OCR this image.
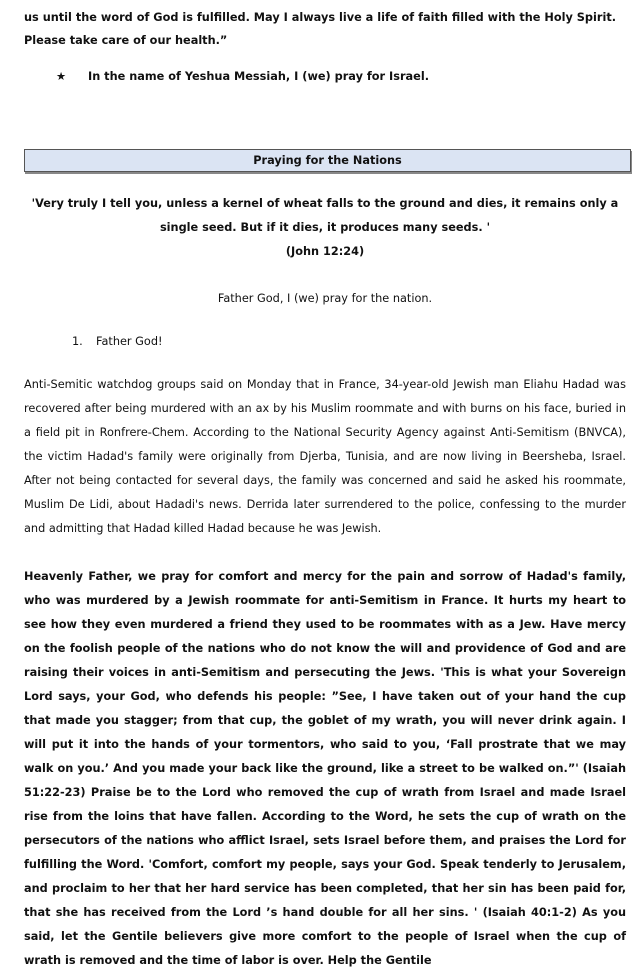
us until the word of God is fulfilled. May I always live a life of faith filled with the Holy Spirit. Please take care of our health.”

★ In the name of Yeshua Messiah, I (we) pray for Israel.

Praying for the Nations

'Very truly I tell you, unless a kernel of wheat falls to the ground and dies, it remains only a single seed. But if it dies, it produces many seeds. '

(John 12:24)

Father God, I (we) pray for the nation.

1. Father God!

Anti-Semitic watchdog groups said on Monday that in France, 34-year-old Jewish man Eliahu Hadad was recovered after being murdered with an ax by his Muslim roommate and with burns on his face, buried in a field pit in Ronfrere-Chem. According to the National Security Agency against Anti-Semitism (BNVCA), the victim Hadad's family were originally from Djerba, Tunisia, and are now living in Beersheba, Israel. After not being contacted for several days, the family was concerned and said he asked his roommate, Muslim De Lidi, about Hadadi's news. Derrida later surrendered to the police, confessing to the murder and admitting that Hadad killed Hadad because he was Jewish.

Heavenly Father, we pray for comfort and mercy for the pain and sorrow of Hadad's family, who was murdered by a Jewish roommate for anti-Semitism in France. It hurts my heart to see how they even murdered a friend they used to be roommates with as a Jew. Have mercy on the foolish people of the nations who do not know the will and providence of God and are raising their voices in anti-Semitism and persecuting the Jews. 'This is what your Sovereign Lord says, your God, who defends his people: ”See, I have taken out of your hand the cup that made you stagger; from that cup, the goblet of my wrath, you will never drink again. I will put it into the hands of your tormentors, who said to you, ‘Fall prostrate that we may walk on you.’ And you made your back like the ground, like a street to be walked on.”' (Isaiah 51:22-23) Praise be to the Lord who removed the cup of wrath from Israel and made Israel rise from the loins that have fallen. According to the Word, he sets the cup of wrath on the persecutors of the nations who afflict Israel, sets Israel before them, and praises the Lord for fulfilling the Word. 'Comfort, comfort my people, says your God. Speak tenderly to Jerusalem, and proclaim to her that her hard service has been completed, that her sin has been paid for, that she has received from the Lord ’s hand double for all her sins. ' (Isaiah 40:1-2) As you said, let the Gentile believers give more comfort to the people of Israel when the cup of wrath is removed and the time of labor is over. Help the Gentile
